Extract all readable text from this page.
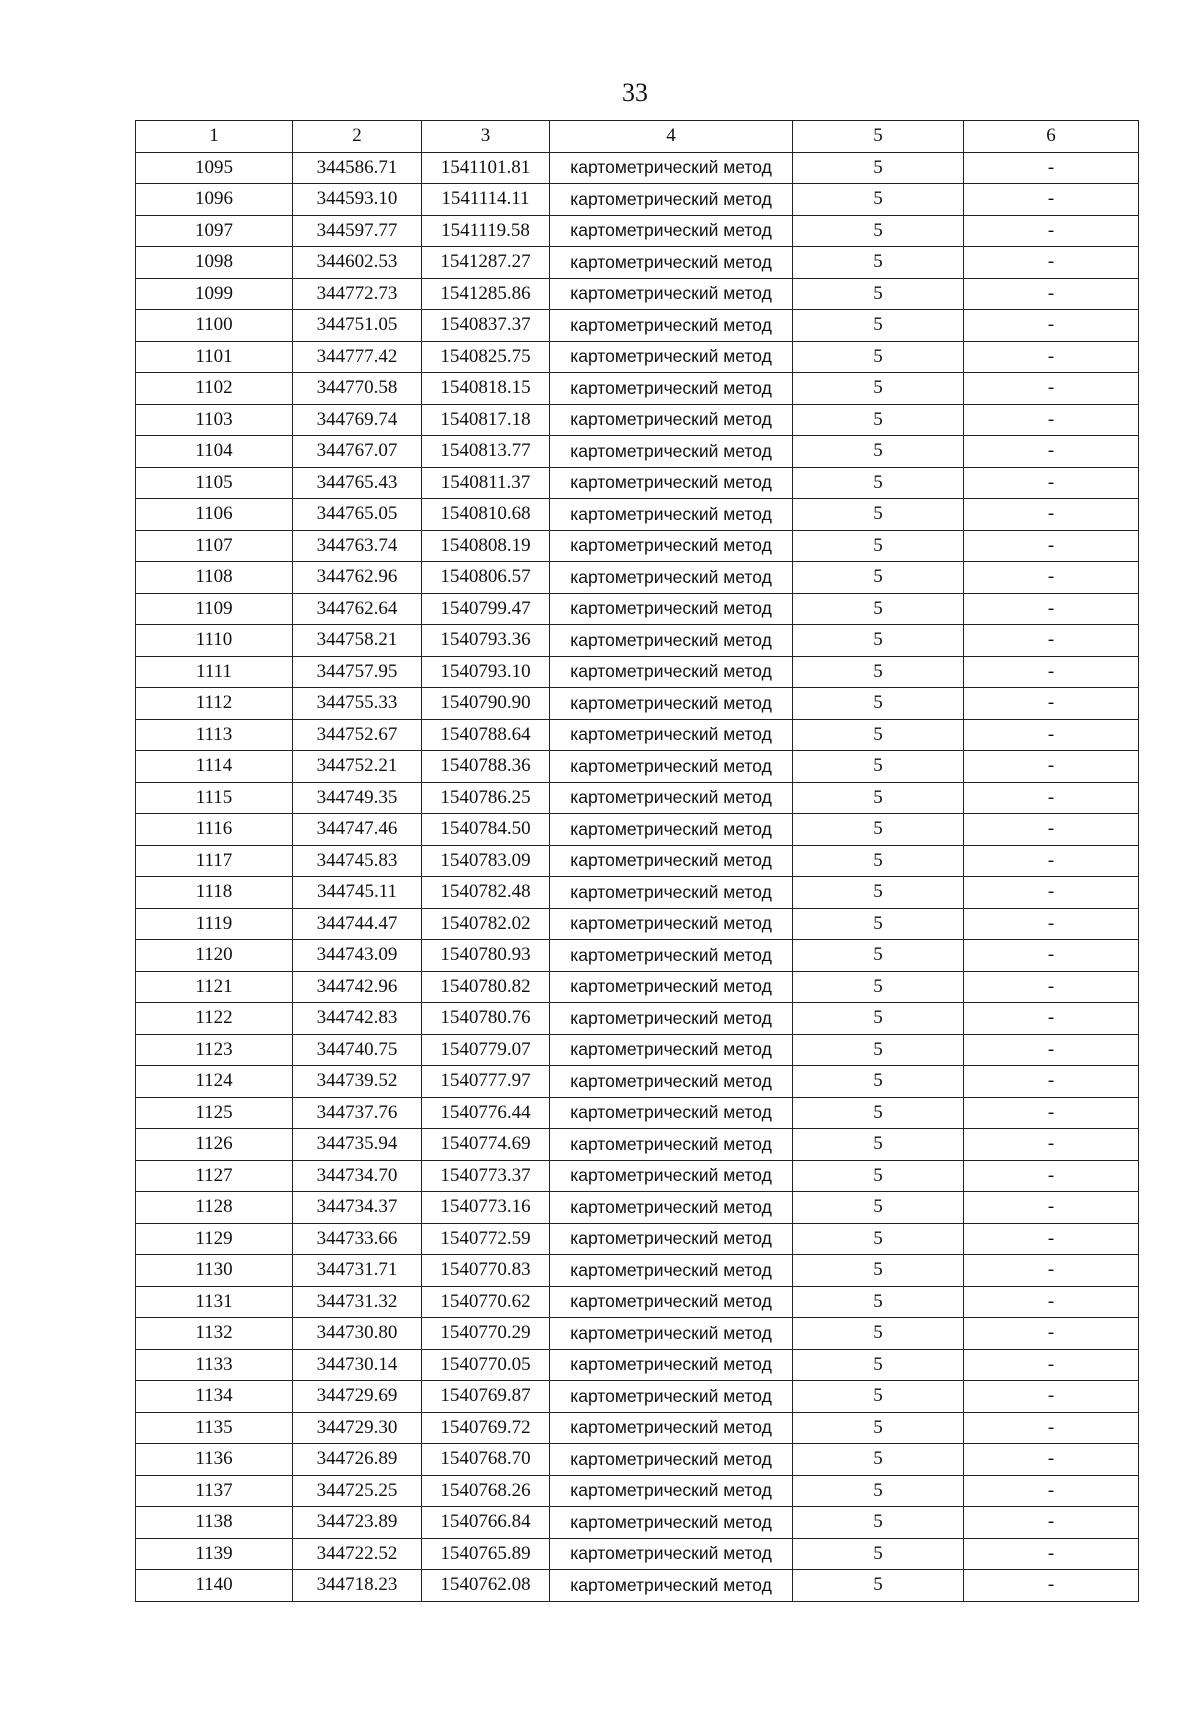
33
1	2	3	4	5	6
1095	344586.71	1541101.81	картометрический метод	5	-
1096	344593.10	1541114.11	картометрический метод	5	-
1097	344597.77	1541119.58	картометрический метод	5	-
1098	344602.53	1541287.27	картометрический метод	5	-
1099	344772.73	1541285.86	картометрический метод	5	-
1100	344751.05	1540837.37	картометрический метод	5	-
1101	344777.42	1540825.75	картометрический метод	5	-
1102	344770.58	1540818.15	картометрический метод	5	-
1103	344769.74	1540817.18	картометрический метод	5	-
1104	344767.07	1540813.77	картометрический метод	5	-
1105	344765.43	1540811.37	картометрический метод	5	-
1106	344765.05	1540810.68	картометрический метод	5	-
1107	344763.74	1540808.19	картометрический метод	5	-
1108	344762.96	1540806.57	картометрический метод	5	-
1109	344762.64	1540799.47	картометрический метод	5	-
1110	344758.21	1540793.36	картометрический метод	5	-
1111	344757.95	1540793.10	картометрический метод	5	-
1112	344755.33	1540790.90	картометрический метод	5	-
1113	344752.67	1540788.64	картометрический метод	5	-
1114	344752.21	1540788.36	картометрический метод	5	-
1115	344749.35	1540786.25	картометрический метод	5	-
1116	344747.46	1540784.50	картометрический метод	5	-
1117	344745.83	1540783.09	картометрический метод	5	-
1118	344745.11	1540782.48	картометрический метод	5	-
1119	344744.47	1540782.02	картометрический метод	5	-
1120	344743.09	1540780.93	картометрический метод	5	-
1121	344742.96	1540780.82	картометрический метод	5	-
1122	344742.83	1540780.76	картометрический метод	5	-
1123	344740.75	1540779.07	картометрический метод	5	-
1124	344739.52	1540777.97	картометрический метод	5	-
1125	344737.76	1540776.44	картометрический метод	5	-
1126	344735.94	1540774.69	картометрический метод	5	-
1127	344734.70	1540773.37	картометрический метод	5	-
1128	344734.37	1540773.16	картометрический метод	5	-
1129	344733.66	1540772.59	картометрический метод	5	-
1130	344731.71	1540770.83	картометрический метод	5	-
1131	344731.32	1540770.62	картометрический метод	5	-
1132	344730.80	1540770.29	картометрический метод	5	-
1133	344730.14	1540770.05	картометрический метод	5	-
1134	344729.69	1540769.87	картометрический метод	5	-
1135	344729.30	1540769.72	картометрический метод	5	-
1136	344726.89	1540768.70	картометрический метод	5	-
1137	344725.25	1540768.26	картометрический метод	5	-
1138	344723.89	1540766.84	картометрический метод	5	-
1139	344722.52	1540765.89	картометрический метод	5	-
1140	344718.23	1540762.08	картометрический метод	5	-
